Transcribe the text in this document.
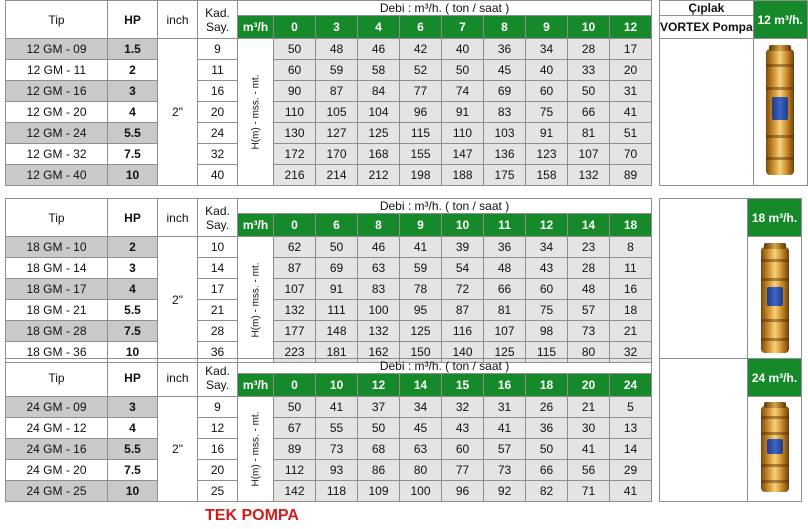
Tip	HP	inch	Kad.
Say.	Debi : m³/h. ( ton / saat )											Çıplak	12 m³/h.
				m³/h	0	3	4	6	7	8	9	10	12		VORTEX Pompa	
12 GM - 09	1.5	2"	9	H(m) - mss. - mt.	50	48	46	42	40	36	34	28	17			

12 GM - 11	2		11		60	59	58	52	50	45	40	33	20			
12 GM - 16	3		16		90	87	84	77	74	69	60	50	31			
12 GM - 20	4		20		110	105	104	96	91	83	75	66	41			
12 GM - 24	5.5		24		130	127	125	115	110	103	91	81	51			
12 GM - 32	7.5		32		172	170	168	155	147	136	123	107	70			
12 GM - 40	10		40		216	214	212	198	188	175	158	132	89			
Tip	HP	inch	Kad.
Say.	Debi : m³/h. ( ton / saat )												18 m³/h.
				m³/h	0	6	8	9	10	11	12	14	18			
18 GM - 10	2	2"	10	H(m) - mss. - mt.	62	50	46	41	39	36	34	23	8			

18 GM - 14	3		14		87	69	63	59	54	48	43	28	11			
18 GM - 17	4		17		107	91	83	78	72	66	60	48	16			
18 GM - 21	5.5		21		132	111	100	95	87	81	75	57	18			
18 GM - 28	7.5		28		177	148	132	125	116	107	98	73	21			
18 GM - 36	10		36		223	181	162	150	140	125	115	80	32			
Tip	HP	inch	Kad.
Say.	Debi : m³/h. ( ton / saat )												24 m³/h.
				m³/h	0	10	12	14	15	16	18	20	24			
24 GM - 09	3	2"	9	H(m) - mss. - mt.	50	41	37	34	32	31	26	21	5			

24 GM - 12	4		12		67	55	50	45	43	41	36	30	13			
24 GM - 16	5.5		16		89	73	68	63	60	57	50	41	14			
24 GM - 20	7.5		20		112	93	86	80	77	73	66	56	29			
24 GM - 25	10		25		142	118	109	100	96	92	82	71	41			
TEK POMPA
